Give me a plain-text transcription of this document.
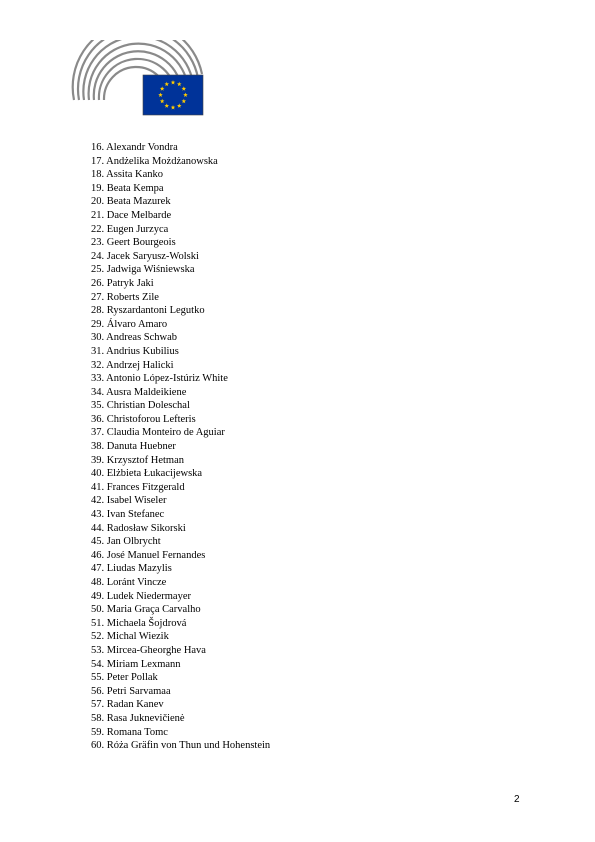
16. Alexandr Vondra
17. Andżelika Możdżanowska
18. Assita Kanko
19. Beata Kempa
20. Beata Mazurek
21. Dace Melbarde
22. Eugen Jurzyca
23. Geert Bourgeois
24. Jacek Saryusz-Wolski
25. Jadwiga Wiśniewska
26. Patryk Jaki
27. Roberts Zile
28. Ryszardantoni Legutko
29. Álvaro Amaro
30. Andreas Schwab
31. Andrius Kubilius
32. Andrzej Halicki
33. Antonio López-Istúriz White
34. Ausra Maldeikiene
35. Christian Doleschal
36. Christoforou Lefteris
37. Claudia Monteiro de Aguiar
38. Danuta Huebner
39. Krzysztof Hetman
40. Elżbieta Łukacijewska
41. Frances Fitzgerald
42. Isabel Wiseler
43. Ivan Stefanec
44. Radosław Sikorski
45. Jan Olbrycht
46. José Manuel Fernandes
47. Liudas Mazylis
48. Loránt Vincze
49. Ludek Niedermayer
50. Maria Graça Carvalho
51. Michaela Šojdrová
52. Michal Wiezik
53. Mircea-Gheorghe Hava
54. Miriam Lexmann
55. Peter Pollak
56. Petri Sarvamaa
57. Radan Kanev
58. Rasa Juknevičienė
59. Romana Tomc
60. Róża Gräfin von Thun und Hohenstein
2
